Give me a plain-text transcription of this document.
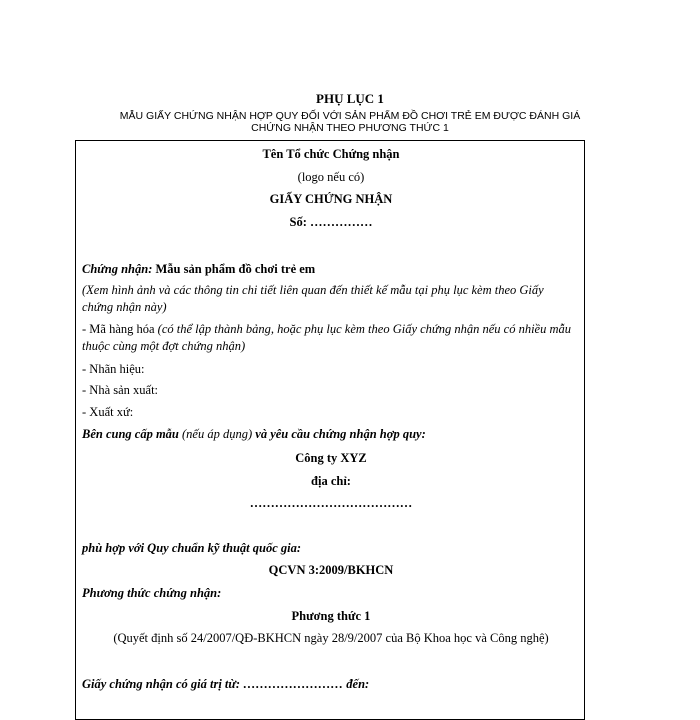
PHỤ LỤC 1
MẪU GIẤY CHỨNG NHẬN HỢP QUY ĐỐI VỚI SẢN PHẨM ĐỒ CHƠI TRẺ EM ĐƯỢC ĐÁNH GIÁ
CHỨNG NHẬN THEO PHƯƠNG THỨC 1
Tên Tổ chức Chứng nhận
(logo nếu có)
GIẤY CHỨNG NHẬN
Số: ……………
Chứng nhận: Mẫu sản phẩm đồ chơi trẻ em
(Xem hình ảnh và các thông tin chi tiết liên quan đến thiết kế mẫu tại phụ lục kèm theo Giấy chứng nhận này)
- Mã hàng hóa (có thể lập thành bảng, hoặc phụ lục kèm theo Giấy chứng nhận nếu có nhiều mẫu thuộc cùng một đợt chứng nhận)
- Nhãn hiệu:
- Nhà sản xuất:
- Xuất xứ:
Bên cung cấp mẫu (nếu áp dụng) và yêu cầu chứng nhận hợp quy:
Công ty XYZ
địa chỉ:
…………………………………
phù hợp với Quy chuẩn kỹ thuật quốc gia:
QCVN 3:2009/BKHCN
Phương thức chứng nhận:
Phương thức 1
(Quyết định số 24/2007/QĐ-BKHCN ngày 28/9/2007 của Bộ Khoa học và Công nghệ)
Giấy chứng nhận có giá trị từ: …………………… đến:
